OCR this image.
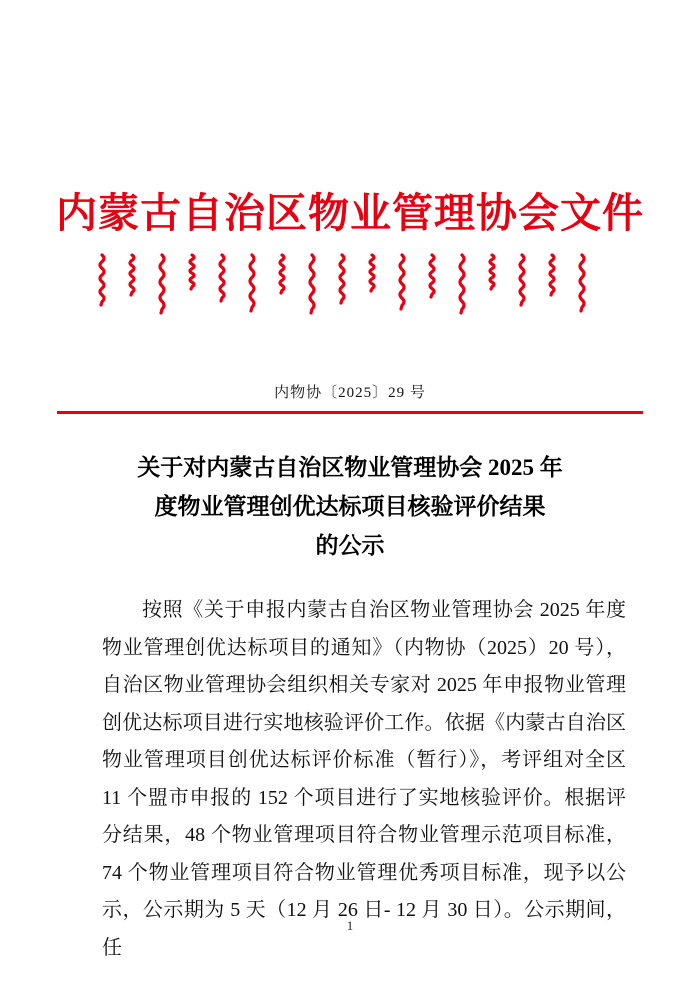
内蒙古自治区物业管理协会文件
内物协〔2025〕29 号
关于对内蒙古自治区物业管理协会 2025 年
度物业管理创优达标项目核验评价结果
的公示

按照《关于申报内蒙古自治区物业管理协会 2025 年度物业管理创优达标项目的通知》（内物协（2025）20 号），自治区物业管理协会组织相关专家对 2025 年申报物业管理创优达标项目进行实地核验评价工作。依据《内蒙古自治区物业管理项目创优达标评价标准（暂行）》，考评组对全区 11 个盟市申报的 152 个项目进行了实地核验评价。根据评分结果，48 个物业管理项目符合物业管理示范项目标准，74 个物业管理项目符合物业管理优秀项目标准，现予以公示，公示期为 5 天（12 月 26 日- 12 月 30 日）。公示期间，任

1
